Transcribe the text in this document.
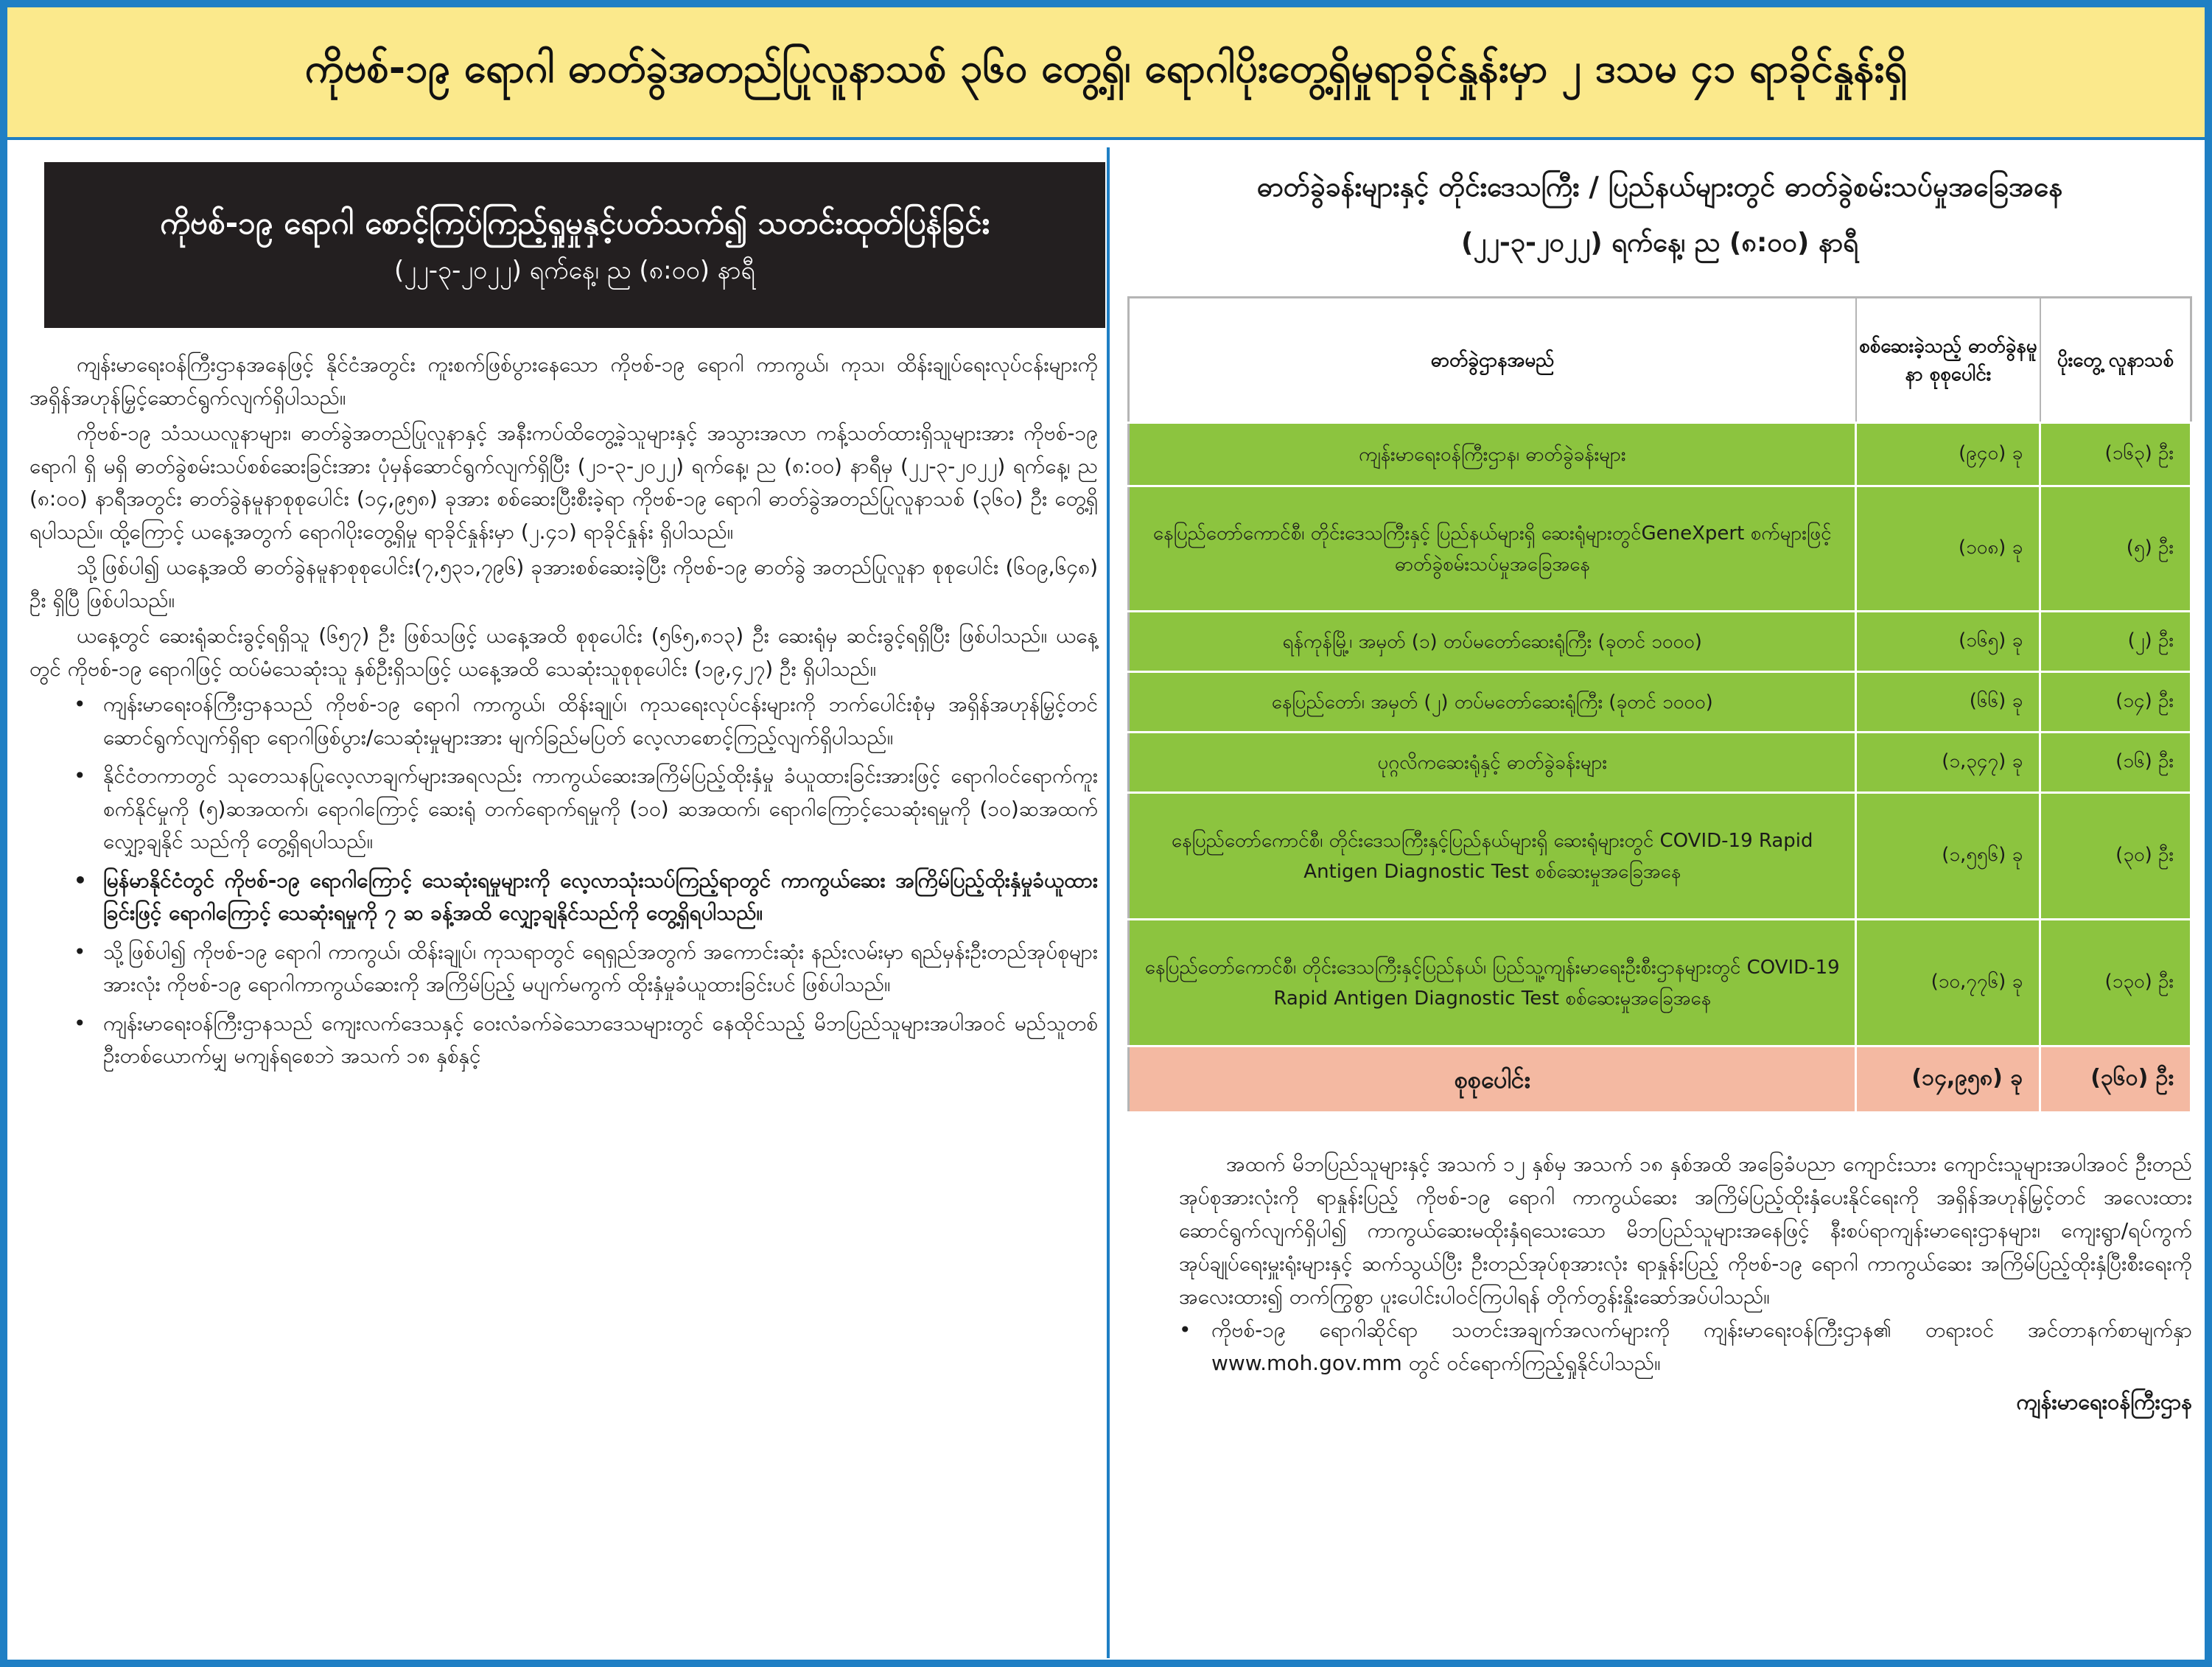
ကိုဗစ်-၁၉ ရောဂါ ဓာတ်ခွဲအတည်ပြုလူနာသစ် ၃၆၀ တွေ့ရှိ၊ ရောဂါပိုးတွေ့ရှိမှုရာခိုင်နှုန်းမှာ ၂ ဒသမ ၄၁ ရာခိုင်နှုန်းရှိ
ကိုဗစ်-၁၉ ရောဂါ စောင့်ကြပ်ကြည့်ရှုမှုနှင့်ပတ်သက်၍ သတင်းထုတ်ပြန်ခြင်း
(၂၂-၃-၂၀၂၂) ရက်နေ့၊ ည (၈:၀၀) နာရီ

ကျန်းမာရေးဝန်ကြီးဌာနအနေဖြင့် နိုင်ငံအတွင်း ကူးစက်ဖြစ်ပွားနေသော ကိုဗစ်-၁၉ ရောဂါ ကာကွယ်၊ ကုသ၊ ထိန်းချုပ်ရေးလုပ်ငန်းများကို အရှိန်အဟုန်မြှင့်ဆောင်ရွက်လျက်ရှိပါသည်။

ကိုဗစ်-၁၉ သံသယလူနာများ၊ ဓာတ်ခွဲအတည်ပြုလူနာနှင့် အနီးကပ်ထိတွေ့ခဲ့သူများနှင့် အသွားအလာ ကန့်သတ်ထားရှိသူများအား ကိုဗစ်-၁၉ ရောဂါ ရှိ မရှိ ဓာတ်ခွဲစမ်းသပ်စစ်ဆေးခြင်းအား ပုံမှန်ဆောင်ရွက်လျက်ရှိပြီး (၂၁-၃-၂၀၂၂) ရက်နေ့၊ ည (၈:၀၀) နာရီမှ (၂၂-၃-၂၀၂၂) ရက်နေ့၊ ည (၈:၀၀) နာရီအတွင်း ဓာတ်ခွဲနမူနာစုစုပေါင်း (၁၄,၉၅၈) ခုအား စစ်ဆေးပြီးစီးခဲ့ရာ ကိုဗစ်-၁၉ ရောဂါ ဓာတ်ခွဲအတည်ပြုလူနာသစ် (၃၆၀) ဦး တွေ့ရှိရပါသည်။ ထို့ကြောင့် ယနေ့အတွက် ရောဂါပိုးတွေ့ရှိမှု ရာခိုင်နှုန်းမှာ (၂.၄၁) ရာခိုင်နှုန်း ရှိပါသည်။

သို့ဖြစ်ပါ၍ ယနေ့အထိ ဓာတ်ခွဲနမူနာစုစုပေါင်း(၇,၅၃၁,၇၉၆) ခုအားစစ်ဆေးခဲ့ပြီး ကိုဗစ်-၁၉ ဓာတ်ခွဲ အတည်ပြုလူနာ စုစုပေါင်း (၆၀၉,၆၄၈) ဦး ရှိပြီ ဖြစ်ပါသည်။

ယနေ့တွင် ဆေးရုံဆင်းခွင့်ရရှိသူ (၆၅၇) ဦး ဖြစ်သဖြင့် ယနေ့အထိ စုစုပေါင်း (၅၆၅,၈၁၃) ဦး ဆေးရုံမှ ဆင်းခွင့်ရရှိပြီး ဖြစ်ပါသည်။ ယနေ့တွင် ကိုဗစ်-၁၉ ရောဂါဖြင့် ထပ်မံသေဆုံးသူ နှစ်ဦးရှိသဖြင့် ယနေ့အထိ သေဆုံးသူစုစုပေါင်း (၁၉,၄၂၇) ဦး ရှိပါသည်။

• ကျန်းမာရေးဝန်ကြီးဌာနသည် ကိုဗစ်-၁၉ ရောဂါ ကာကွယ်၊ ထိန်းချုပ်၊ ကုသရေးလုပ်ငန်းများကို ဘက်ပေါင်းစုံမှ အရှိန်အဟုန်မြှင့်တင် ဆောင်ရွက်လျက်ရှိရာ ရောဂါဖြစ်ပွား/သေဆုံးမှုများအား မျက်ခြည်မပြတ် လေ့လာစောင့်ကြည့်လျက်ရှိပါသည်။
• နိုင်ငံတကာတွင် သုတေသနပြုလေ့လာချက်များအရလည်း ကာကွယ်ဆေးအကြိမ်ပြည့်ထိုးနှံမှု ခံယူထားခြင်းအားဖြင့် ရောဂါဝင်ရောက်ကူးစက်နိုင်မှုကို (၅)ဆအထက်၊ ရောဂါကြောင့် ဆေးရုံ တက်ရောက်ရမှုကို (၁၀) ဆအထက်၊ ရောဂါကြောင့်သေဆုံးရမှုကို (၁၀)ဆအထက် လျှော့ချနိုင် သည်ကို တွေ့ရှိရပါသည်။
• မြန်မာနိုင်ငံတွင် ကိုဗစ်-၁၉ ရောဂါကြောင့် သေဆုံးရမှုများကို လေ့လာသုံးသပ်ကြည့်ရာတွင် ကာကွယ်ဆေး အကြိမ်ပြည့်ထိုးနှံမှုခံယူထားခြင်းဖြင့် ရောဂါကြောင့် သေဆုံးရမှုကို ၇ ဆ ခန့်အထိ လျှော့ချနိုင်သည်ကို တွေ့ရှိရပါသည်။
• သို့ဖြစ်ပါ၍ ကိုဗစ်-၁၉ ရောဂါ ကာကွယ်၊ ထိန်းချုပ်၊ ကုသရာတွင် ရေရှည်အတွက် အကောင်းဆုံး နည်းလမ်းမှာ ရည်မှန်းဦးတည်အုပ်စုများအားလုံး ကိုဗစ်-၁၉ ရောဂါကာကွယ်ဆေးကို အကြိမ်ပြည့် မပျက်မကွက် ထိုးနှံမှုခံယူထားခြင်းပင် ဖြစ်ပါသည်။
• ကျန်းမာရေးဝန်ကြီးဌာနသည် ကျေးလက်ဒေသနှင့် ဝေးလံခက်ခဲသောဒေသများတွင် နေထိုင်သည့် မိဘပြည်သူများအပါအဝင် မည်သူတစ်ဦးတစ်ယောက်မျှ မကျန်ရစေဘဲ အသက် ၁၈ နှစ်နှင့်
ဓာတ်ခွဲခန်းများနှင့် တိုင်းဒေသကြီး / ပြည်နယ်များတွင် ဓာတ်ခွဲစမ်းသပ်မှုအခြေအနေ
(၂၂-၃-၂၀၂၂) ရက်နေ့၊ ည (၈:၀၀) နာရီ
ဓာတ်ခွဲဌာနအမည်	စစ်ဆေးခဲ့သည့် ဓာတ်ခွဲနမူနာ စုစုပေါင်း	ပိုးတွေ့ လူနာသစ်
ကျန်းမာရေးဝန်ကြီးဌာန၊ ဓာတ်ခွဲခန်းများ	(၉၄၀) ခု	(၁၆၃) ဦး
နေပြည်တော်ကောင်စီ၊ တိုင်းဒေသကြီးနှင့် ပြည်နယ်များရှိ ဆေးရုံများတွင်GeneXpert စက်များဖြင့် ဓာတ်ခွဲစမ်းသပ်မှုအခြေအနေ	(၁၀၈) ခု	(၅) ဦး
ရန်ကုန်မြို့၊ အမှတ် (၁) တပ်မတော်ဆေးရုံကြီး (ခုတင် ၁၀၀၀)	(၁၆၅) ခု	(၂) ဦး
နေပြည်တော်၊ အမှတ် (၂) တပ်မတော်ဆေးရုံကြီး (ခုတင် ၁၀၀၀)	(၆၆) ခု	(၁၄) ဦး
ပုဂ္ဂလိကဆေးရုံနှင့် ဓာတ်ခွဲခန်းများ	(၁,၃၄၇) ခု	(၁၆) ဦး
နေပြည်တော်ကောင်စီ၊ တိုင်းဒေသကြီးနှင့်ပြည်နယ်များရှိ ဆေးရုံများတွင် COVID-19 Rapid Antigen Diagnostic Test စစ်ဆေးမှုအခြေအနေ	(၁,၅၅၆) ခု	(၃၀) ဦး
နေပြည်တော်ကောင်စီ၊ တိုင်းဒေသကြီးနှင့်ပြည်နယ်၊ ပြည်သူ့ကျန်းမာရေးဦးစီးဌာနများတွင် COVID-19 Rapid Antigen Diagnostic Test စစ်ဆေးမှုအခြေအနေ	(၁၀,၇၇၆) ခု	(၁၃၀) ဦး
စုစုပေါင်း	(၁၄,၉၅၈) ခု	(၃၆၀) ဦး

အထက် မိဘပြည်သူများနှင့် အသက် ၁၂ နှစ်မှ အသက် ၁၈ နှစ်အထိ အခြေခံပညာ ကျောင်းသား ကျောင်းသူများအပါအဝင် ဦးတည်အုပ်စုအားလုံးကို ရာနှုန်းပြည့် ကိုဗစ်-၁၉ ရောဂါ ကာကွယ်ဆေး အကြိမ်ပြည့်ထိုးနှံပေးနိုင်ရေးကို အရှိန်အဟုန်မြှင့်တင် အလေးထားဆောင်ရွက်လျက်ရှိပါ၍ ကာကွယ်ဆေးမထိုးနှံရသေးသော မိဘပြည်သူများအနေဖြင့် နီးစပ်ရာကျန်းမာရေးဌာနများ၊ ကျေးရွာ/ရပ်ကွက် အုပ်ချုပ်ရေးမှူးရုံးများနှင့် ဆက်သွယ်ပြီး ဦးတည်အုပ်စုအားလုံး ရာနှုန်းပြည့် ကိုဗစ်-၁၉ ရောဂါ ကာကွယ်ဆေး အကြိမ်ပြည့်ထိုးနှံပြီးစီးရေးကို အလေးထား၍ တက်ကြွစွာ ပူးပေါင်းပါဝင်ကြပါရန် တိုက်တွန်းနှိုးဆော်အပ်ပါသည်။

• ကိုဗစ်-၁၉ ရောဂါဆိုင်ရာ သတင်းအချက်အလက်များကို ကျန်းမာရေးဝန်ကြီးဌာန၏ တရားဝင် အင်တာနက်စာမျက်နှာ www.moh.gov.mm တွင် ဝင်ရောက်ကြည့်ရှုနိုင်ပါသည်။
ကျန်းမာရေးဝန်ကြီးဌာန
